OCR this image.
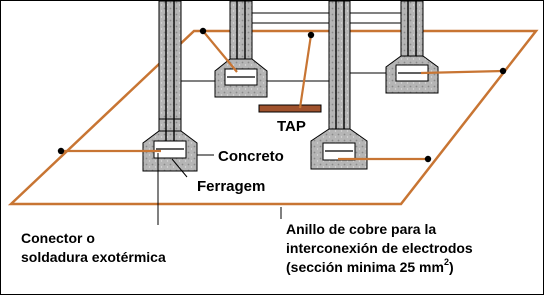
TAP

Concreto

Ferragem

Conector o

soldadura exotérmica

Anillo de cobre para la

interconexión de electrodos

(sección minima 25 $mm^2$)
